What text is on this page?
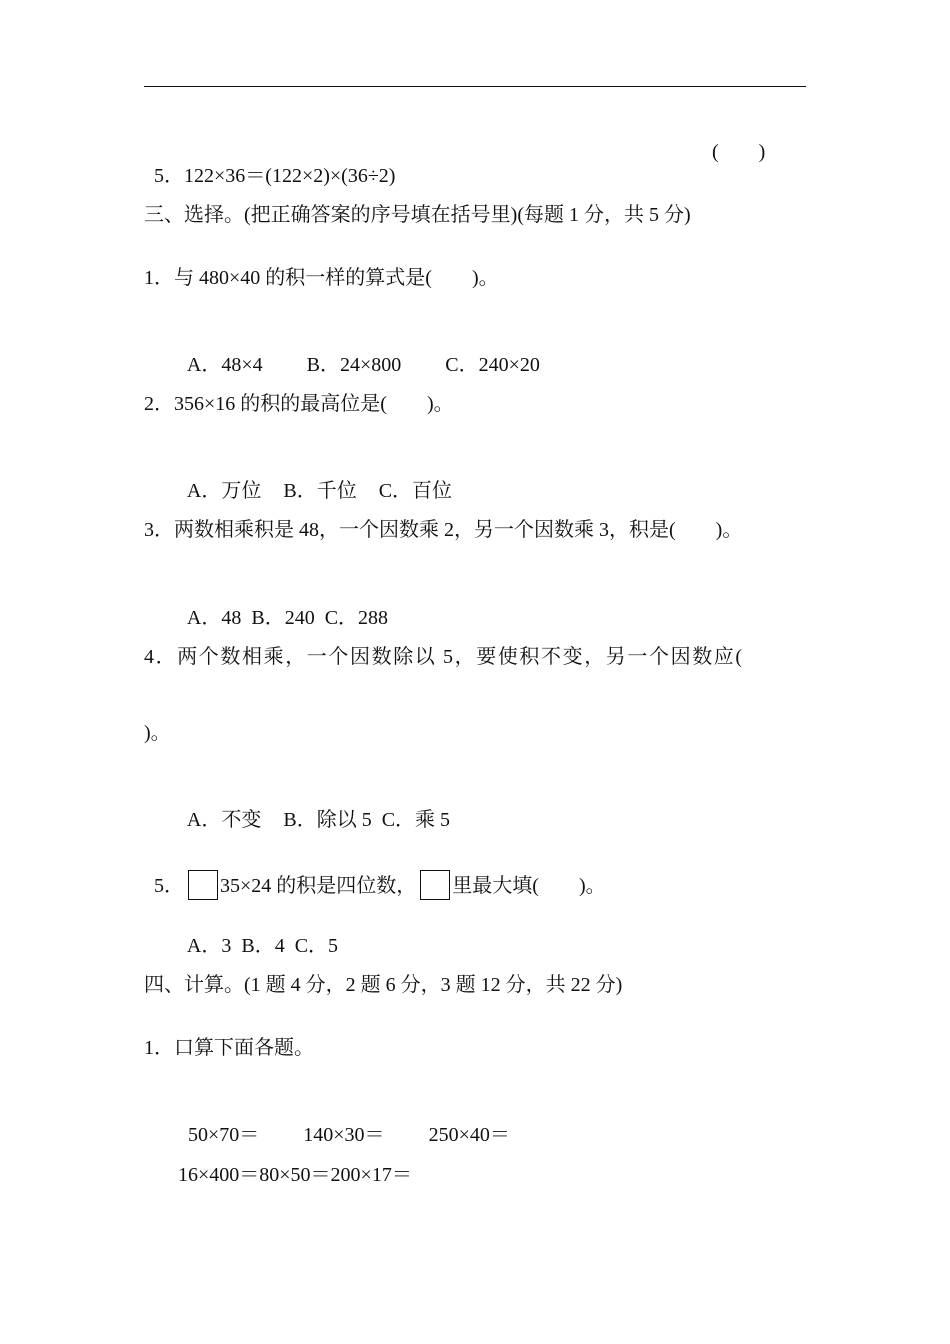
5．122×36＝(122×2)×(36÷2)

(　　)
三、选择。(把正确答案的序号填在括号里)(每题 1 分，共 5 分)
1．与 480×40 的积一样的算式是(　　)。

A．48×4 B．24×800 C．240×20

2．356×16 的积的最高位是(　　)。

A．万位 B．千位 C．百位

3．两数相乘积是 48，一个因数乘 2，另一个因数乘 3，积是(　　)。

A．48 B．240 C．288

4．两个数相乘，一个因数除以 5，要使积不变，另一个因数应(
)。

A．不变 B．除以 5 C．乘 5

5． 35×24 的积是四位数， 里最大填(　　)。

A．3 B．4 C．5

四、计算。(1 题 4 分，2 题 6 分，3 题 12 分，共 22 分)
1．口算下面各题。

50×70＝ 140×30＝ 250×40＝

16×400＝80×50＝200×17＝
